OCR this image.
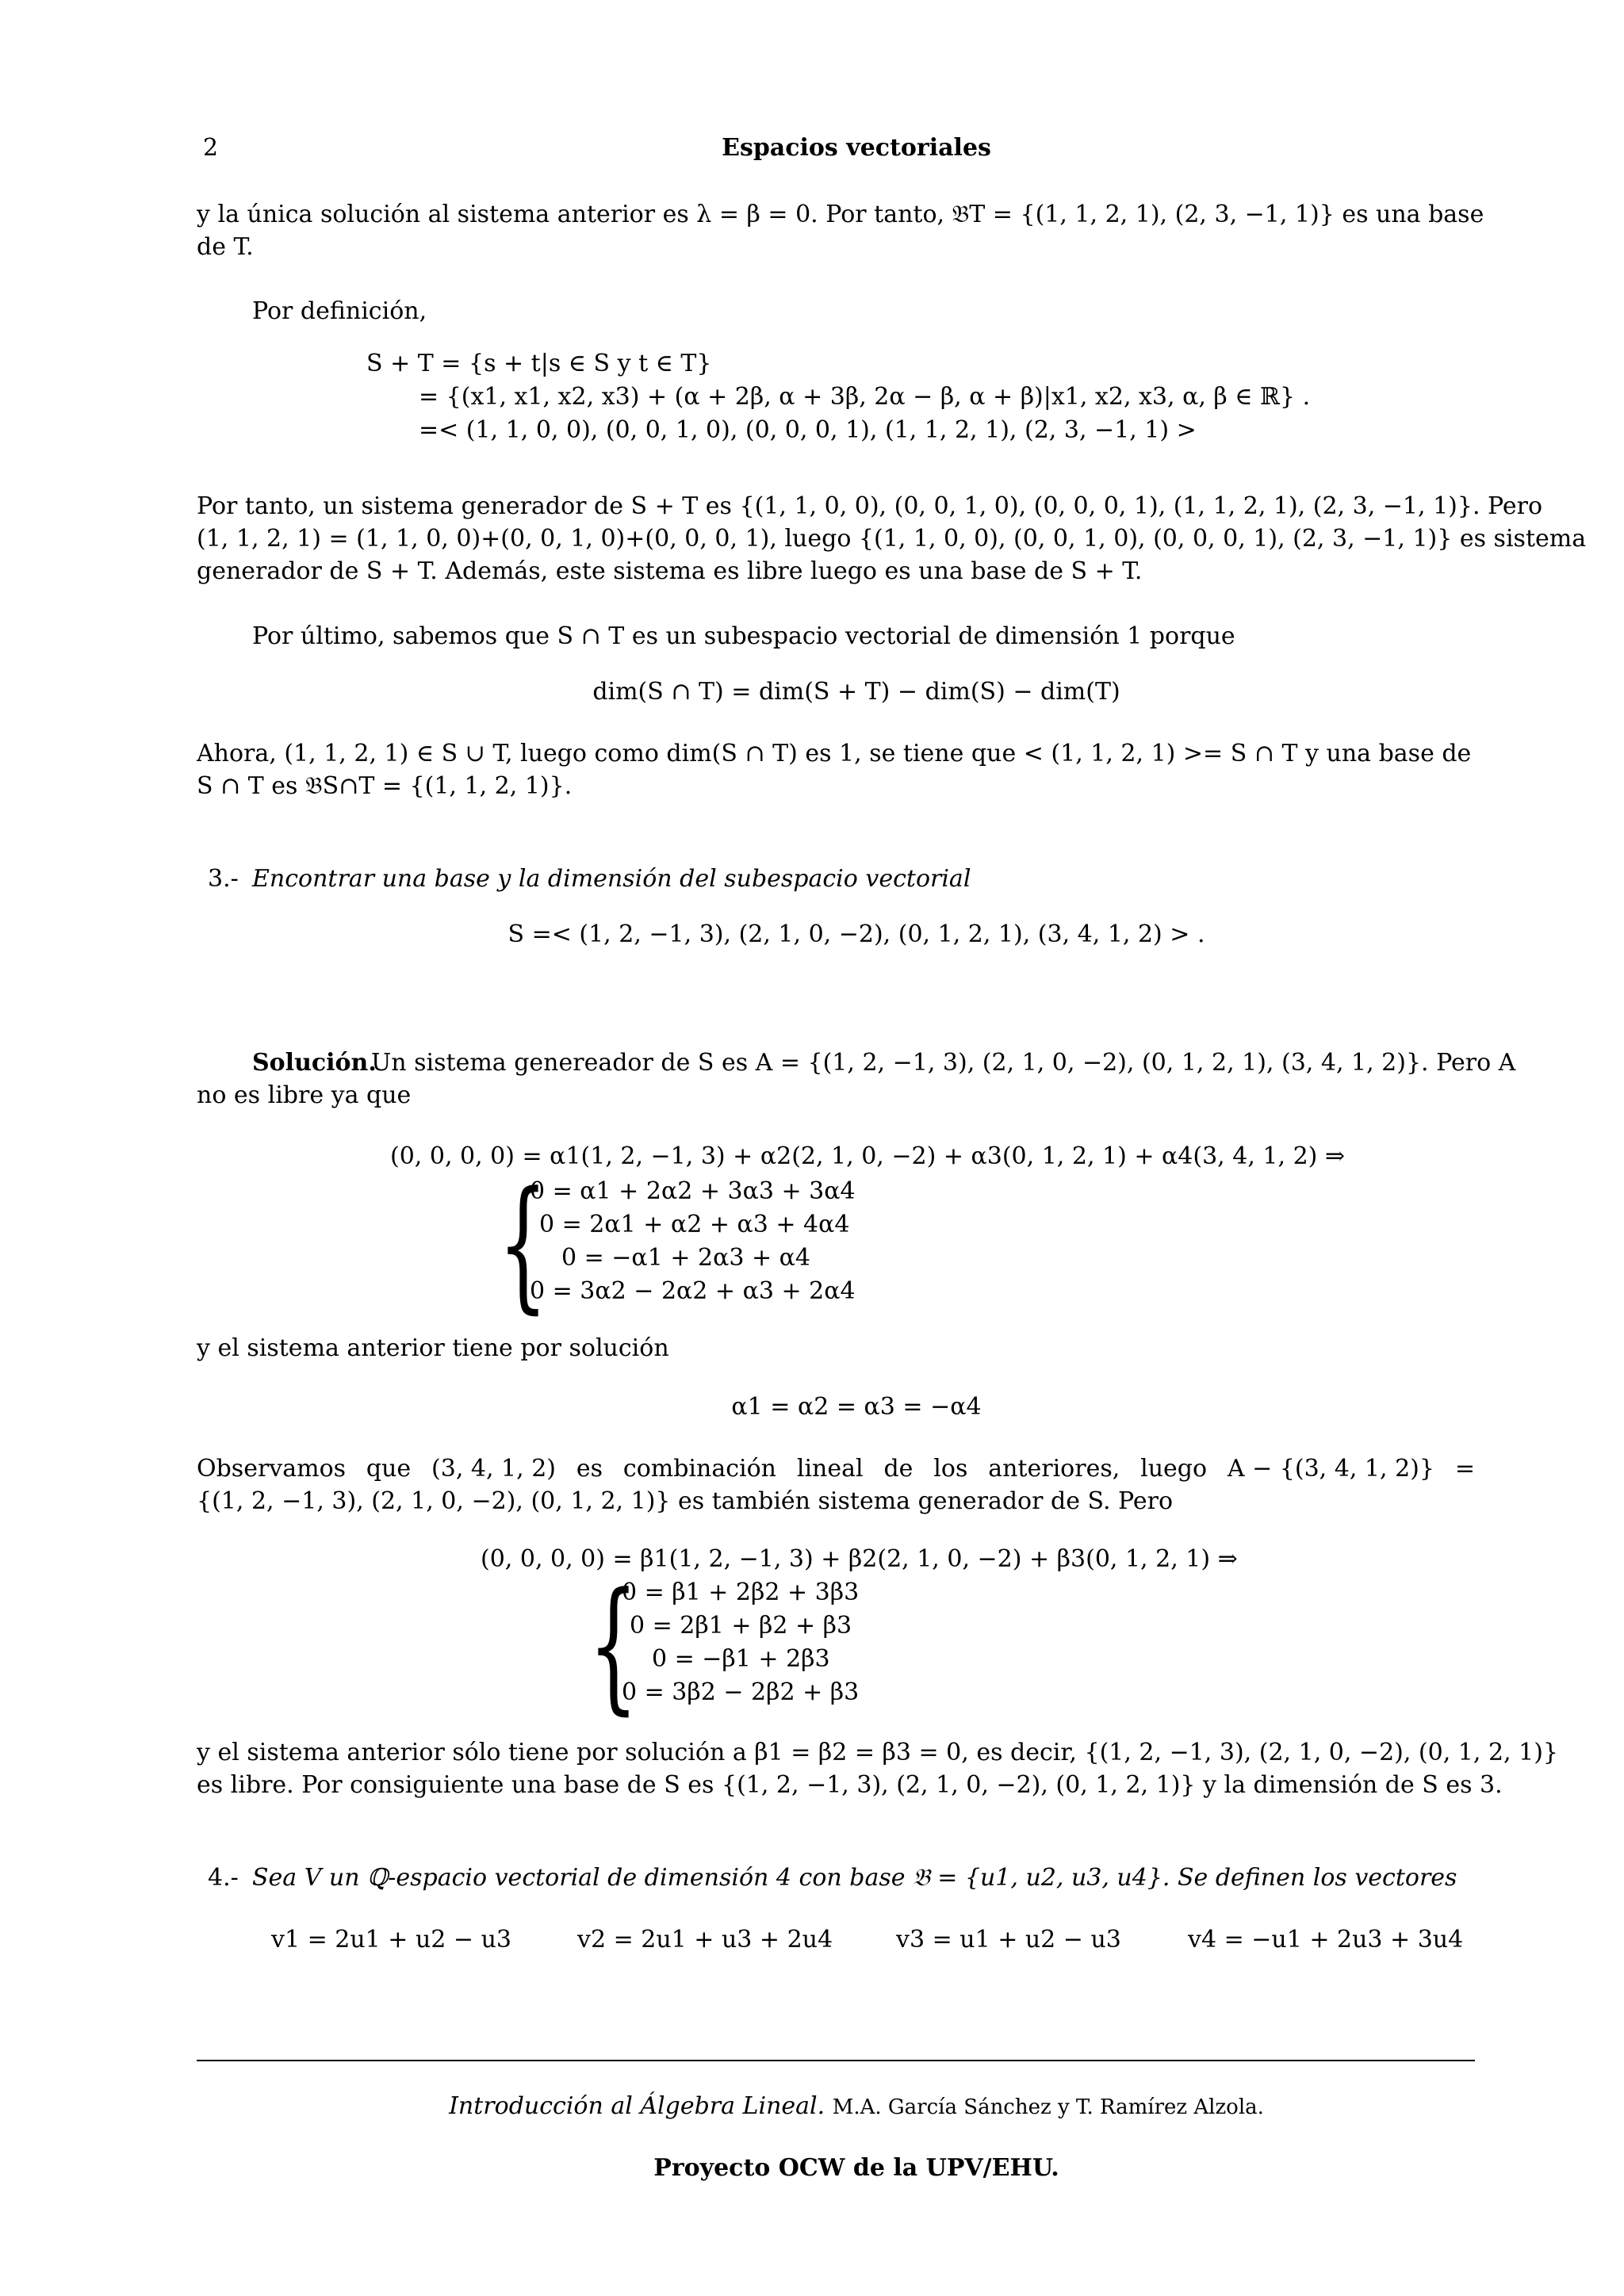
2	Espacios vectoriales
y la única solución al sistema anterior es λ = β = 0. Por tanto, 𝔅T = {(1, 1, 2, 1), (2, 3, −1, 1)} es una base
de T.
Por definición,
S + T = {s + t|s ∈ S y t ∈ T}
= {(x1, x1, x2, x3) + (α + 2β, α + 3β, 2α − β, α + β)|x1, x2, x3, α, β ∈ ℝ} .
=< (1, 1, 0, 0), (0, 0, 1, 0), (0, 0, 0, 1), (1, 1, 2, 1), (2, 3, −1, 1) >
Por tanto, un sistema generador de S + T es {(1, 1, 0, 0), (0, 0, 1, 0), (0, 0, 0, 1), (1, 1, 2, 1), (2, 3, −1, 1)}. Pero
(1, 1, 2, 1) = (1, 1, 0, 0)+(0, 0, 1, 0)+(0, 0, 0, 1), luego {(1, 1, 0, 0), (0, 0, 1, 0), (0, 0, 0, 1), (2, 3, −1, 1)} es sistema
generador de S + T. Además, este sistema es libre luego es una base de S + T.
Por último, sabemos que S ∩ T es un subespacio vectorial de dimensión 1 porque
dim(S ∩ T) = dim(S + T) − dim(S) − dim(T)
Ahora, (1, 1, 2, 1) ∈ S ∪ T, luego como dim(S ∩ T) es 1, se tiene que < (1, 1, 2, 1) >= S ∩ T y una base de
S ∩ T es 𝔅S∩T = {(1, 1, 2, 1)}.
3.- Encontrar una base y la dimensión del subespacio vectorial
S =< (1, 2, −1, 3), (2, 1, 0, −2), (0, 1, 2, 1), (3, 4, 1, 2) > .
Solución.
Un sistema genereador de S es A = {(1, 2, −1, 3), (2, 1, 0, −2), (0, 1, 2, 1), (3, 4, 1, 2)}. Pero A
no es libre ya que
(0, 0, 0, 0) = α1(1, 2, −1, 3) + α2(2, 1, 0, −2) + α3(0, 1, 2, 1) + α4(3, 4, 1, 2) ⇒
{
0 = α1 + 2α2 + 3α3 + 3α4
0 = 2α1 + α2 + α3 + 4α4
0 = −α1 + 2α3 + α4
0 = 3α2 − 2α2 + α3 + 2α4
y el sistema anterior tiene por solución
α1 = α2 = α3 = −α4
Observamos que (3, 4, 1, 2) es combinación lineal de los anteriores, luego A − {(3, 4, 1, 2)} =
{(1, 2, −1, 3), (2, 1, 0, −2), (0, 1, 2, 1)} es también sistema generador de S. Pero
(0, 0, 0, 0) = β1(1, 2, −1, 3) + β2(2, 1, 0, −2) + β3(0, 1, 2, 1) ⇒
{
0 = β1 + 2β2 + 3β3
0 = 2β1 + β2 + β3
0 = −β1 + 2β3
0 = 3β2 − 2β2 + β3
y el sistema anterior sólo tiene por solución a β1 = β2 = β3 = 0, es decir, {(1, 2, −1, 3), (2, 1, 0, −2), (0, 1, 2, 1)}
es libre. Por consiguiente una base de S es {(1, 2, −1, 3), (2, 1, 0, −2), (0, 1, 2, 1)} y la dimensión de S es 3.
4.- Sea V un ℚ-espacio vectorial de dimensión 4 con base 𝔅 = {u1, u2, u3, u4}. Se definen los vectores
v1 = 2u1 + u2 − u3	v2 = 2u1 + u3 + 2u4	v3 = u1 + u2 − u3	v4 = −u1 + 2u3 + 3u4
Introducción al Álgebra Lineal. M.A. García Sánchez y T. Ramírez Alzola.
Proyecto OCW de la UPV/EHU.
